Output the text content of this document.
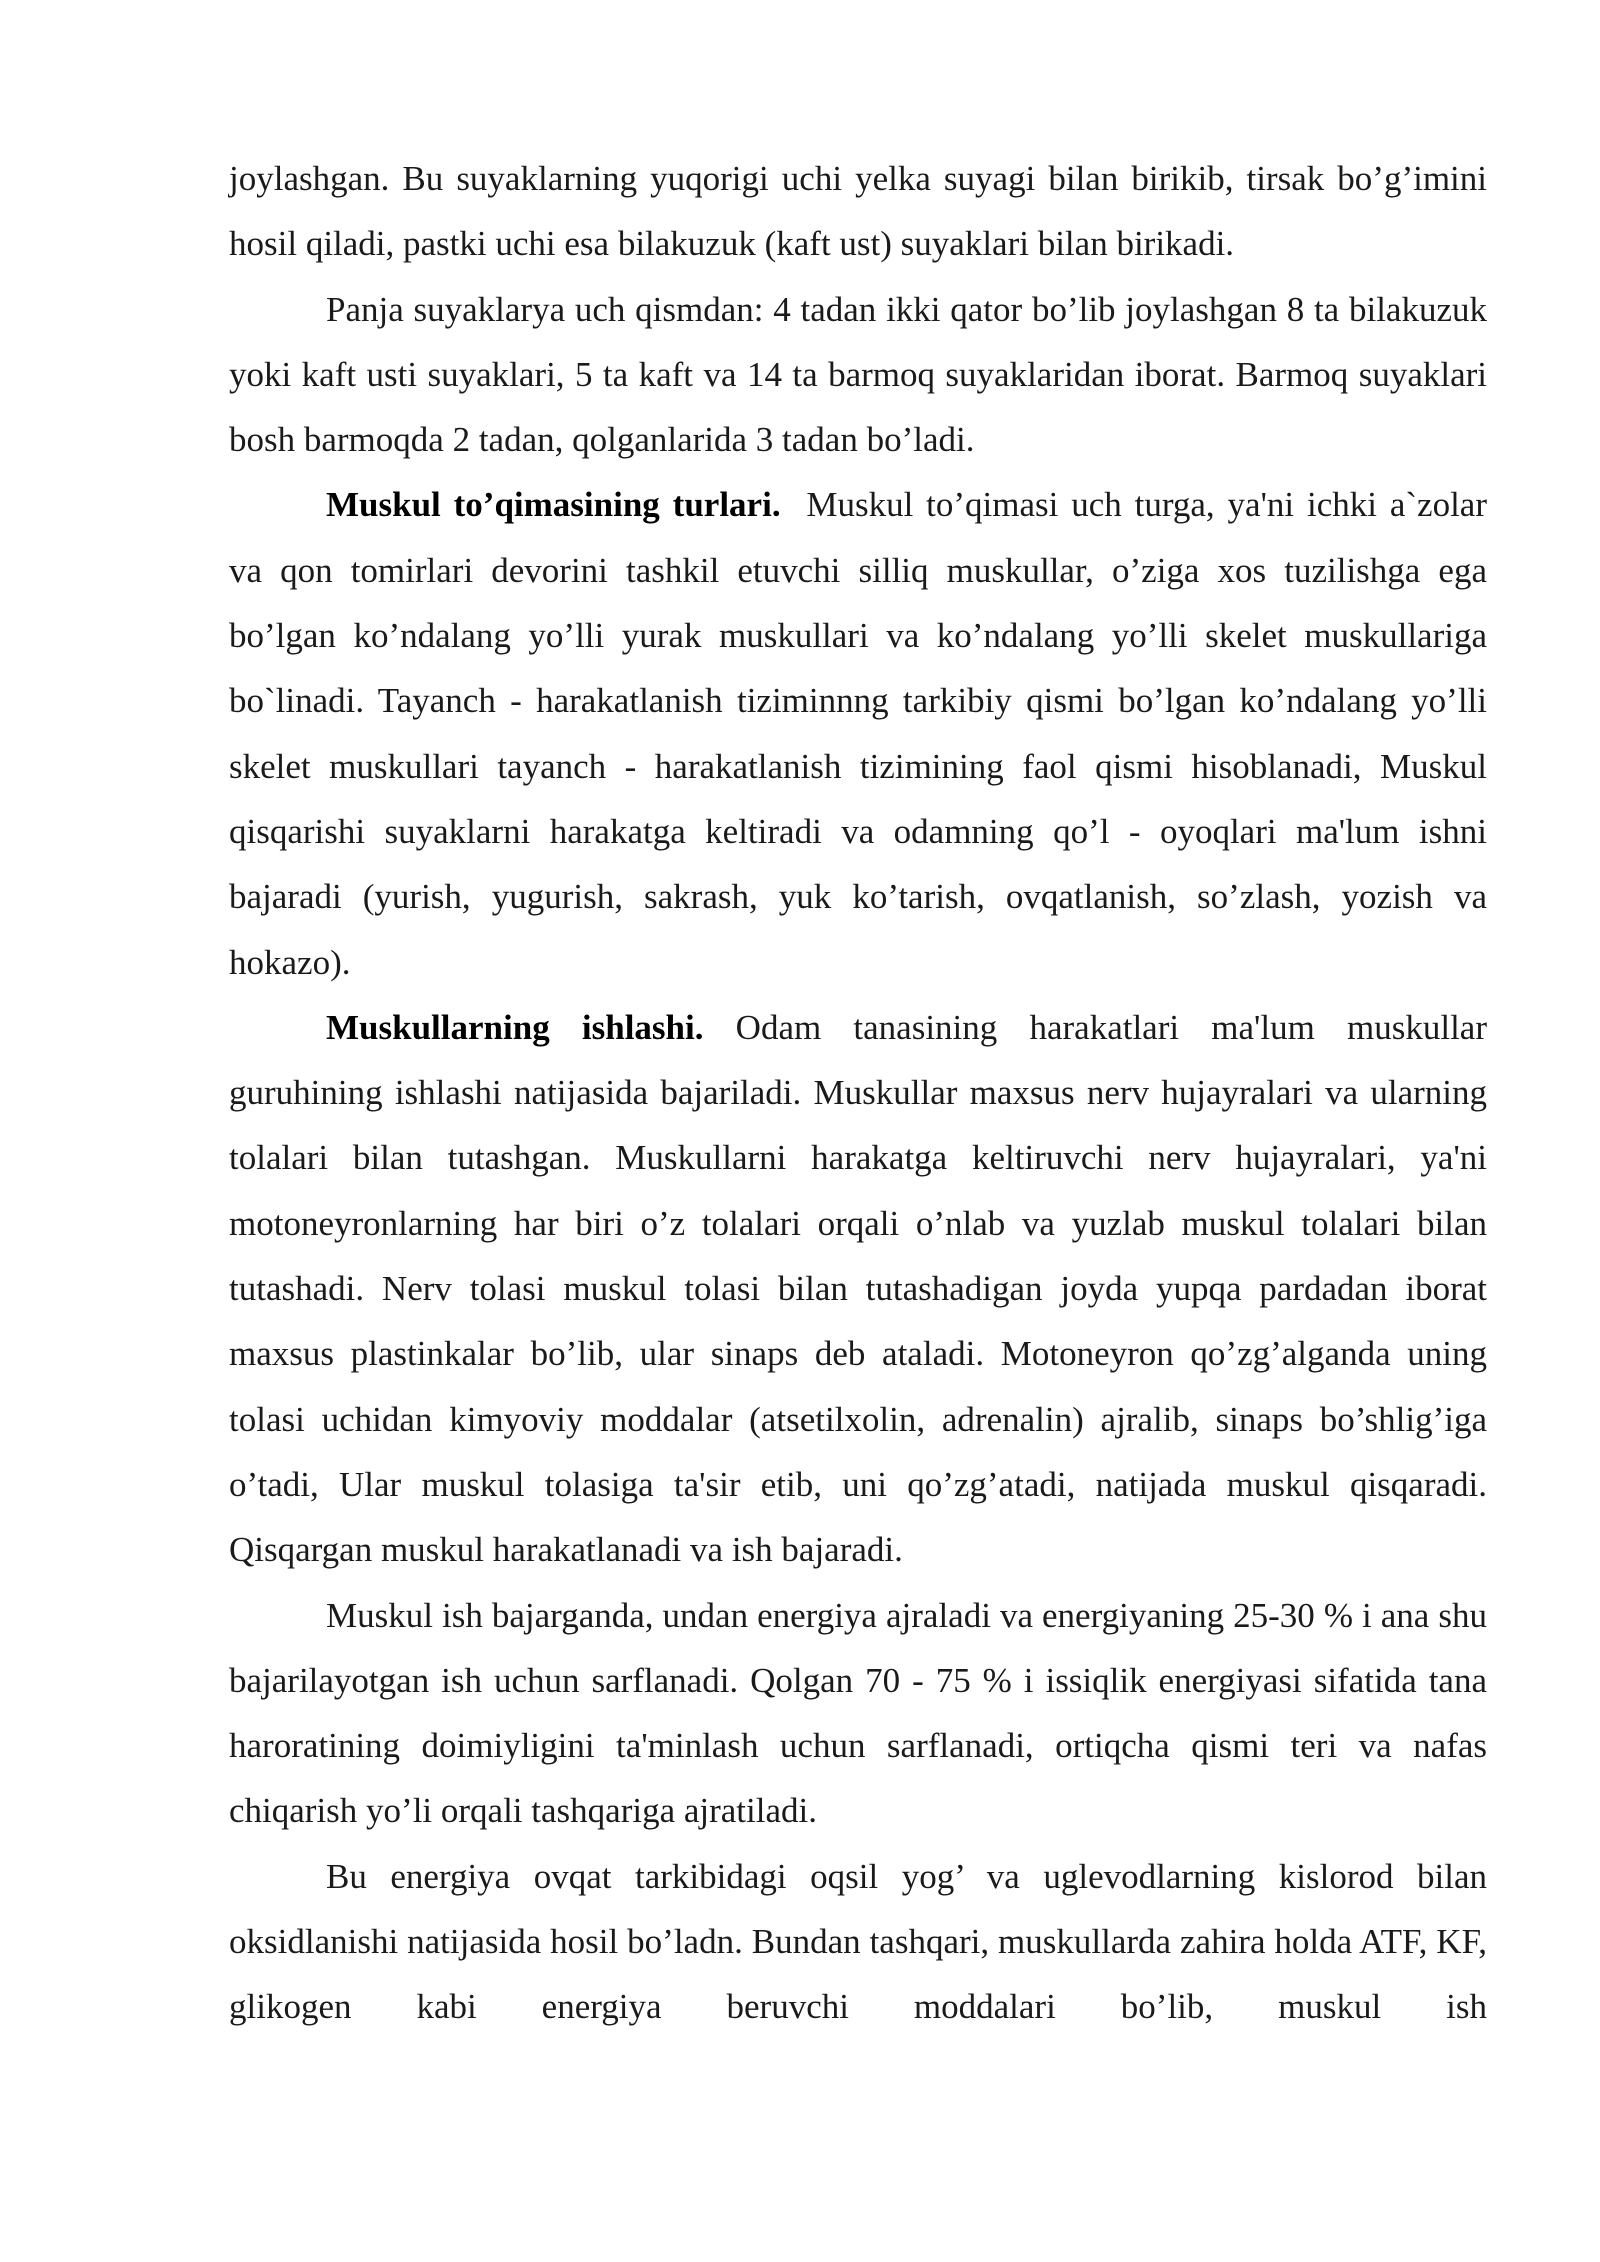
joylashgan. Bu suyaklarning yuqorigi uchi yelka suyagi bilan birikib, tirsak bo’g’imini hosil qiladi, pastki uchi esa bilakuzuk (kaft ust) suyaklari bilan birikadi.

Panja suyaklarya uch qismdan: 4 tadan ikki qator bo’lib joylashgan 8 ta bilakuzuk yoki kaft usti suyaklari, 5 ta kaft va 14 ta barmoq suyaklaridan iborat. Barmoq suyaklari bosh barmoqda 2 tadan, qolganlarida 3 tadan bo’ladi.

Muskul to’qimasining turlari.  Muskul to’qimasi uch turga, ya'ni ichki a`zolar va qon tomirlari devorini tashkil etuvchi silliq muskullar, o’ziga xos tuzilishga ega bo’lgan ko’ndalang yo’lli yurak muskullari va ko’ndalang yo’lli skelet muskullariga bo`linadi. Tayanch - harakatlanish tiziminnng tarkibiy qismi bo’lgan ko’ndalang yo’lli skelet muskullari tayanch - harakatlanish tizimining faol qismi hisoblanadi, Muskul qisqarishi suyaklarni harakatga keltiradi va odamning qo’l - oyoqlari ma'lum ishni bajaradi (yurish, yugurish, sakrash, yuk ko’tarish, ovqatlanish, so’zlash, yozish va hokazo).

Muskullarning ishlashi. Odam tanasining harakatlari ma'lum muskullar guruhining ishlashi natijasida bajariladi. Muskullar maxsus nerv hujayralari va ularning tolalari bilan tutashgan. Muskullarni harakatga keltiruvchi nerv hujayralari, ya'ni motoneyronlarning har biri o’z tolalari orqali o’nlab va yuzlab muskul tolalari bilan tutashadi. Nerv tolasi muskul tolasi bilan tutashadigan joyda yupqa pardadan iborat maxsus plastinkalar bo’lib, ular sinaps deb ataladi. Motoneyron qo’zg’alganda uning tolasi uchidan kimyoviy moddalar (atsetilxolin, adrenalin) ajralib, sinaps bo’shlig’iga o’tadi, Ular muskul tolasiga ta'sir etib, uni qo’zg’atadi, natijada muskul qisqaradi. Qisqargan muskul harakatlanadi va ish bajaradi.

Muskul ish bajarganda, undan energiya ajraladi va energiyaning 25-30 % i ana shu bajarilayotgan ish uchun sarflanadi. Qolgan 70 - 75 % i issiqlik energiyasi sifatida tana haroratining doimiyligini ta'minlash uchun sarflanadi, ortiqcha qismi teri va nafas chiqarish yo’li orqali tashqariga ajratiladi.

Bu energiya ovqat tarkibidagi oqsil yog’ va uglevodlarning kislorod bilan oksidlanishi natijasida hosil bo’ladn. Bundan tashqari, muskullarda zahira holda ATF, KF, glikogen kabi energiya beruvchi moddalari bo’lib, muskul ish
